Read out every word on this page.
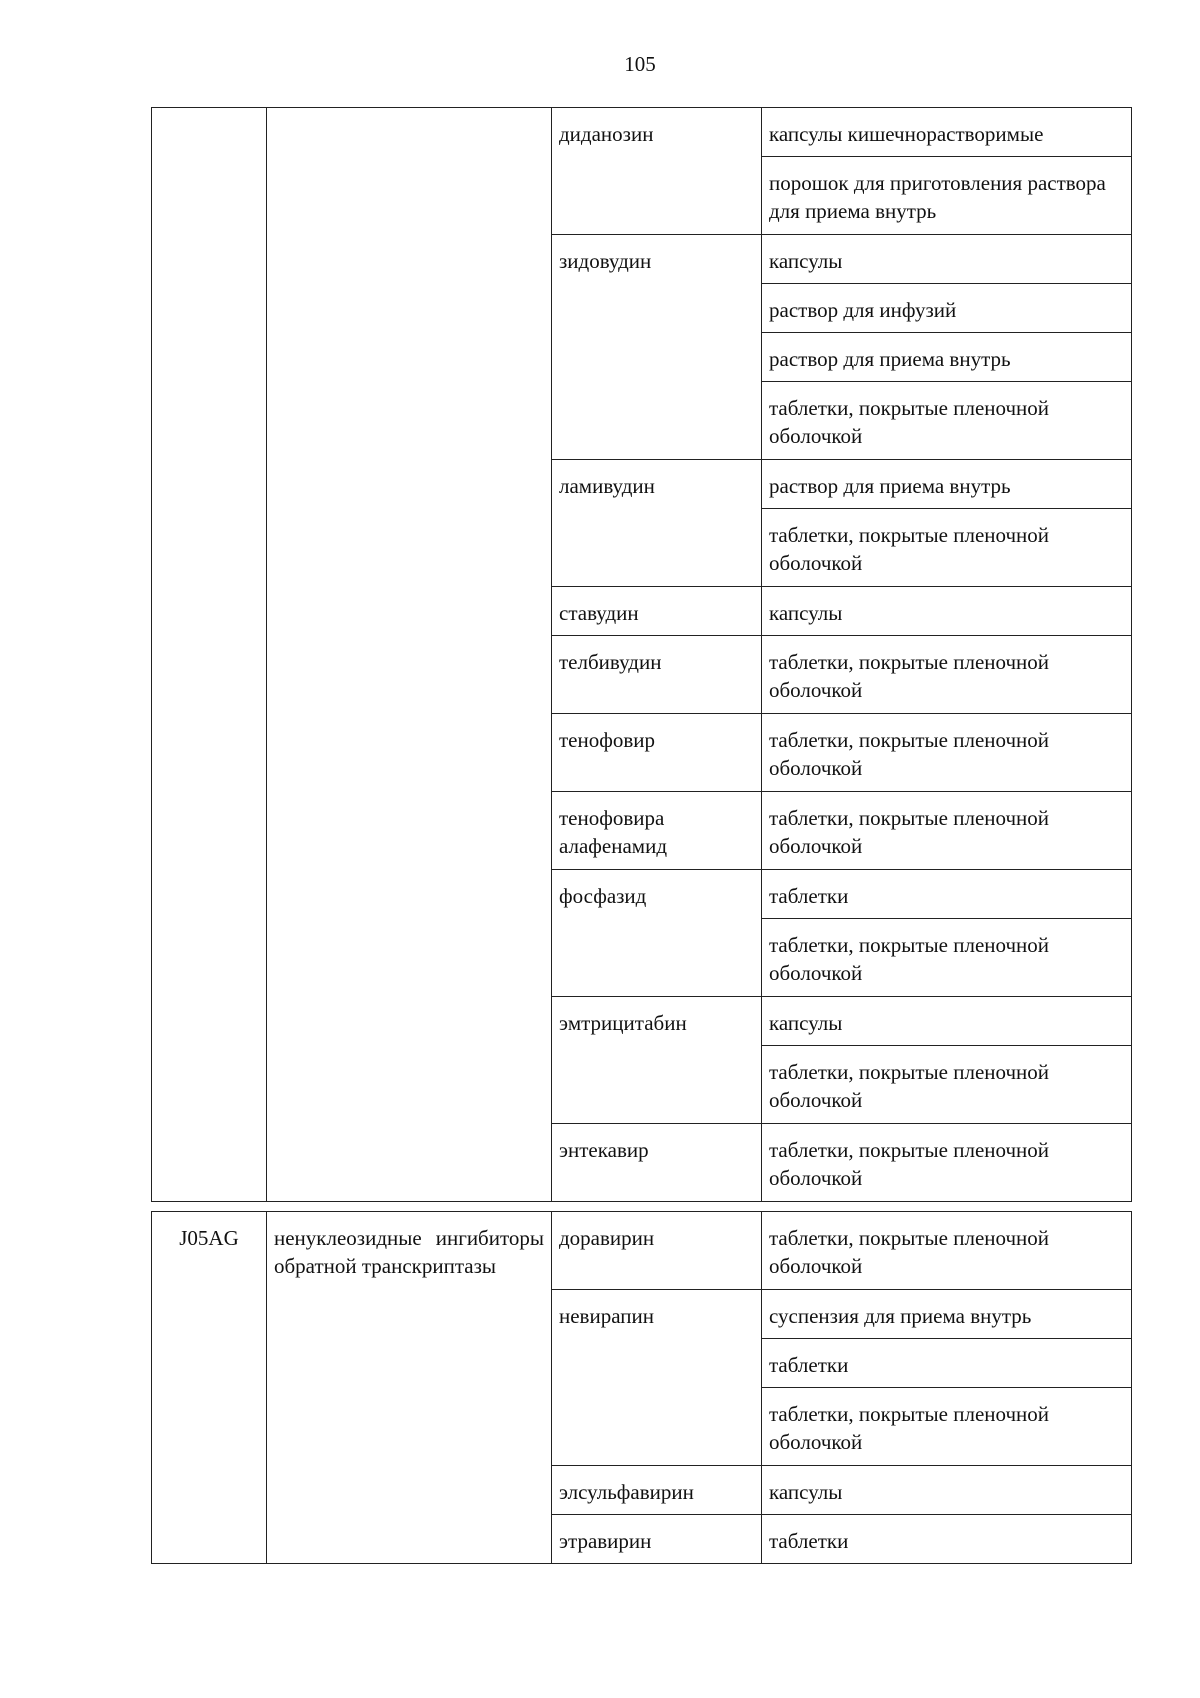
105
		диданозин	капсулы кишечнорастворимые
			порошок для приготовления раствора для приема внутрь
		зидовудин	капсулы
			раствор для инфузий
			раствор для приема внутрь
			таблетки, покрытые пленочной оболочкой
		ламивудин	раствор для приема внутрь
			таблетки, покрытые пленочной оболочкой
		ставудин	капсулы
		телбивудин	таблетки, покрытые пленочной оболочкой
		тенофовир	таблетки, покрытые пленочной оболочкой
		тенофовира алафенамид	таблетки, покрытые пленочной оболочкой
		фосфазид	таблетки
			таблетки, покрытые пленочной оболочкой
		эмтрицитабин	капсулы
			таблетки, покрытые пленочной оболочкой
		энтекавир	таблетки, покрытые пленочной оболочкой
J05AG	ненуклеозидные ингибиторы обратной транскриптазы	доравирин	таблетки, покрытые пленочной оболочкой
		невирапин	суспензия для приема внутрь
			таблетки
			таблетки, покрытые пленочной оболочкой
		элсульфавирин	капсулы
		этравирин	таблетки
